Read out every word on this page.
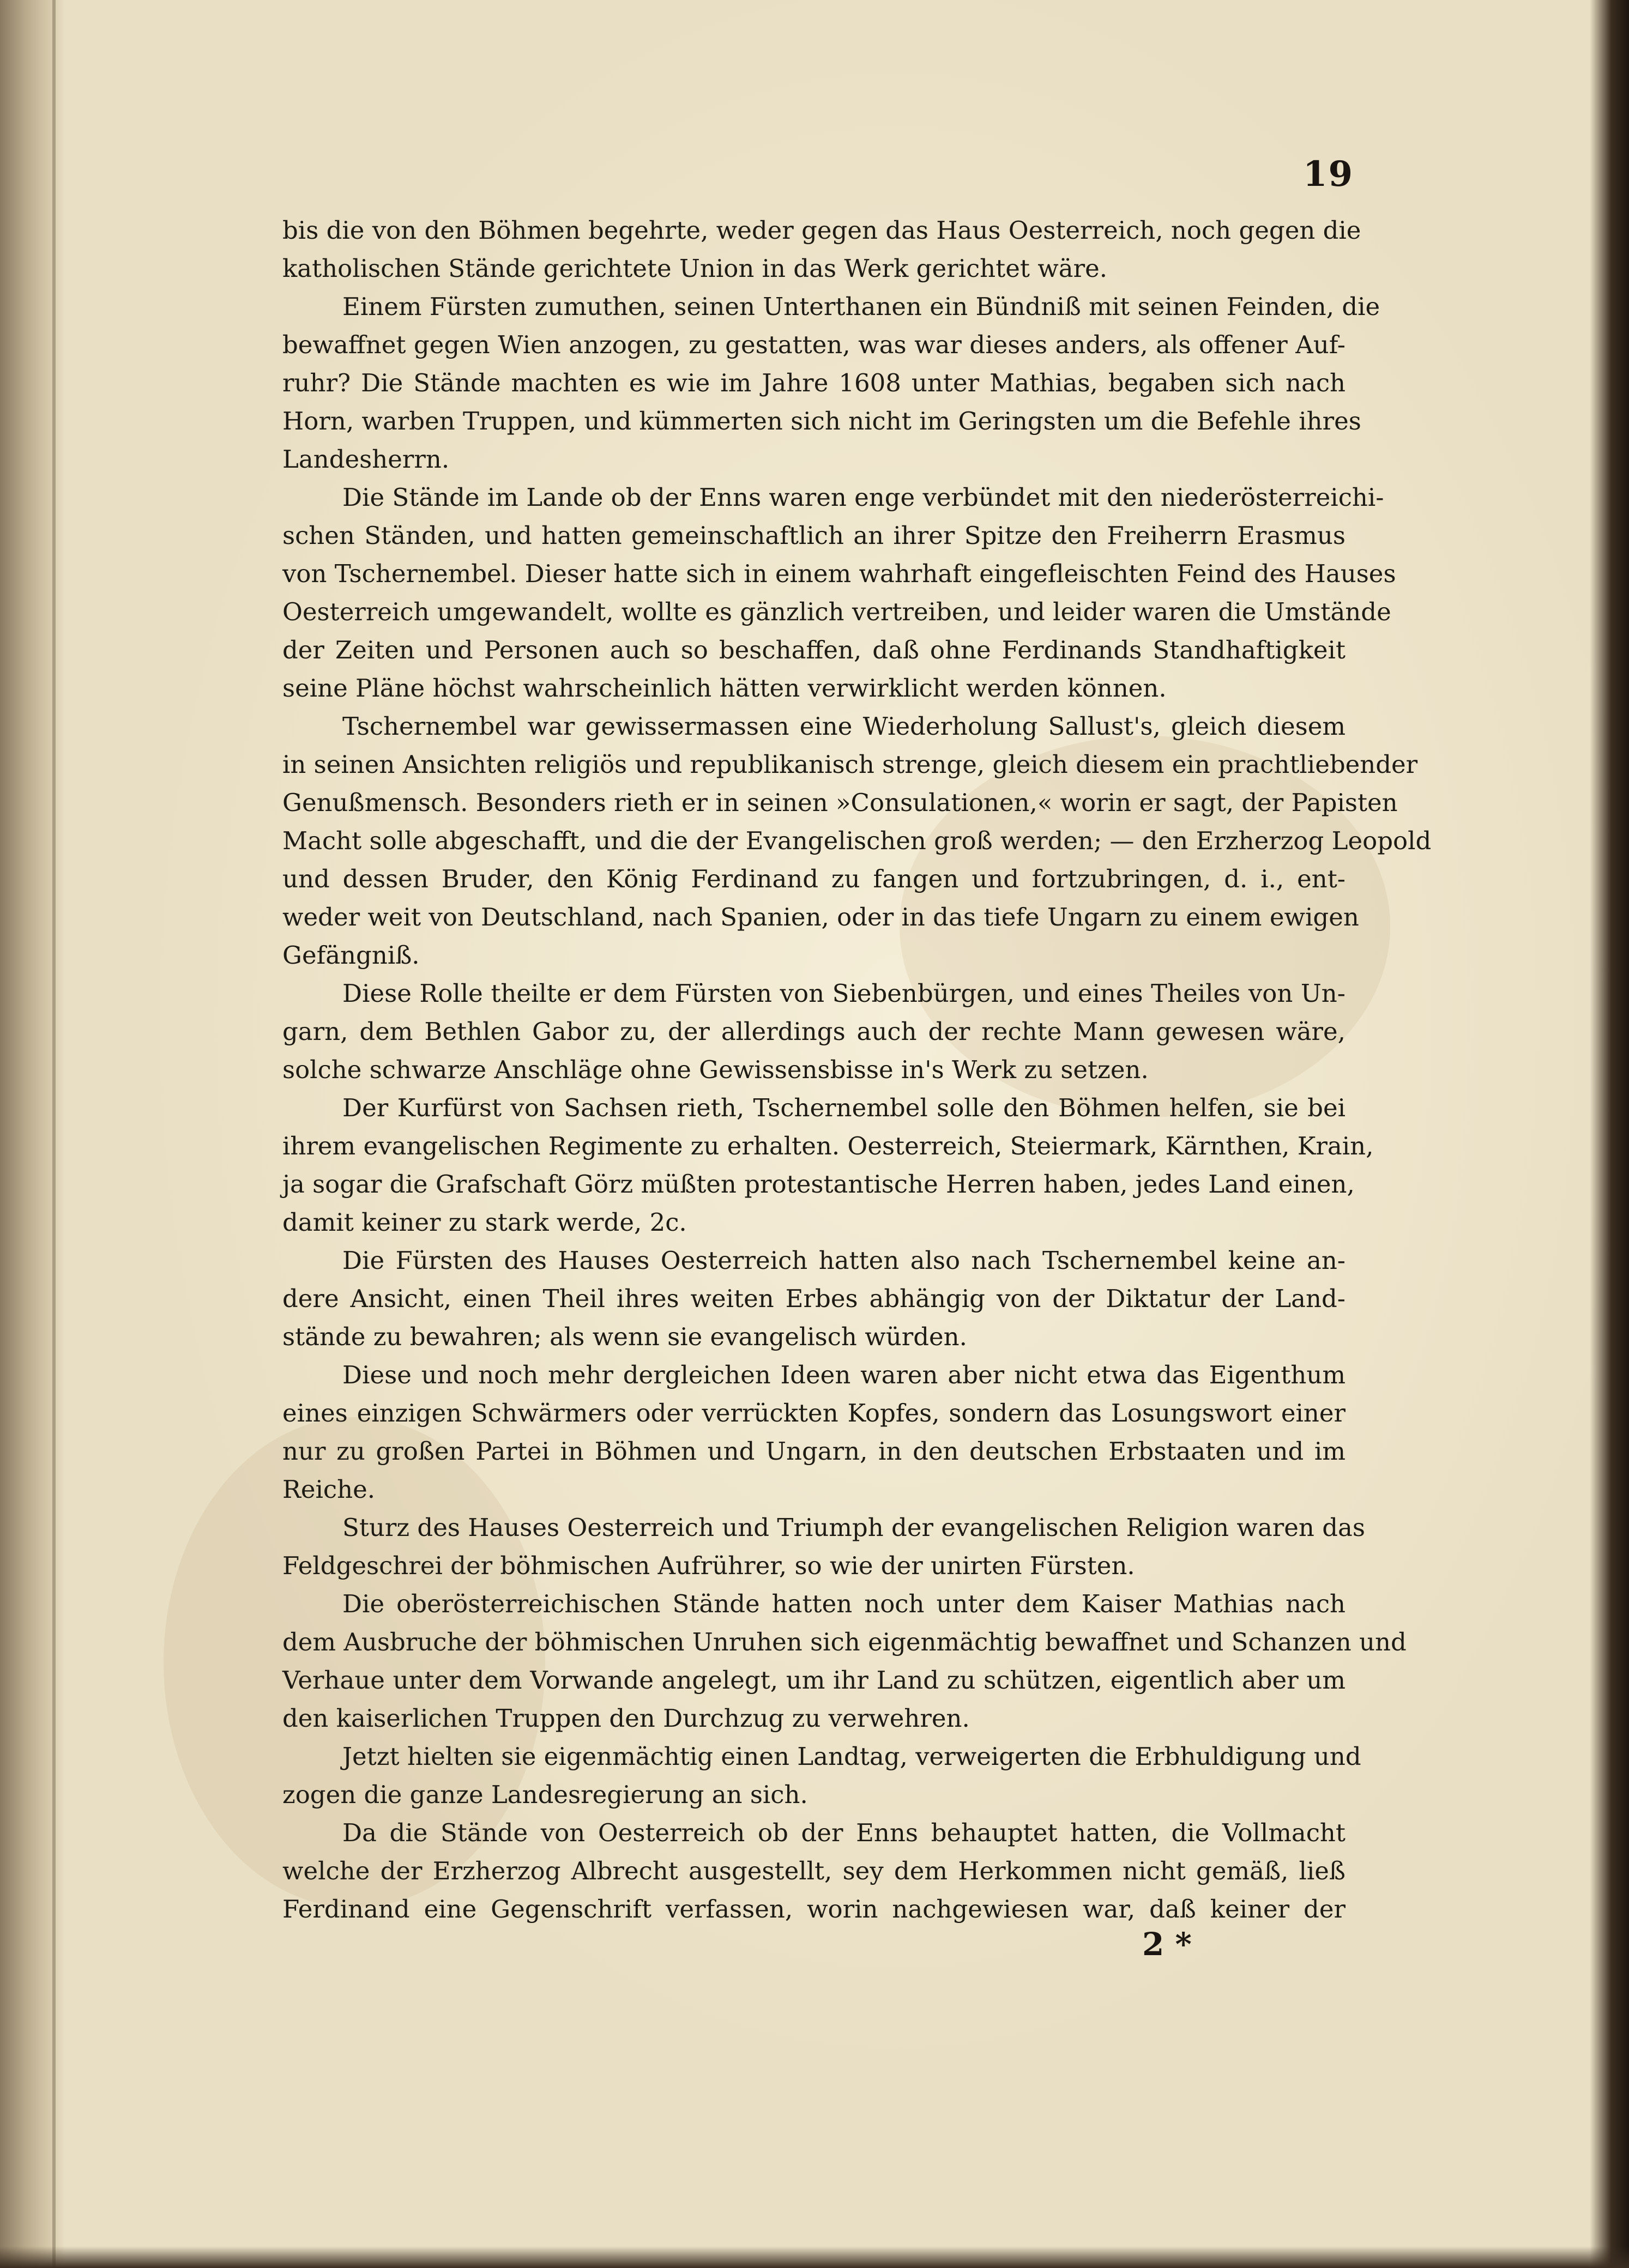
19
bis die von den Böhmen begehrte, weder gegen das Haus Oesterreich, noch gegen die
katholischen Stände gerichtete Union in das Werk gerichtet wäre.
Einem Fürsten zumuthen, seinen Unterthanen ein Bündniß mit seinen Feinden, die
bewaffnet gegen Wien anzogen, zu gestatten, was war dieses anders, als offener Auf-
ruhr? Die Stände machten es wie im Jahre 1608 unter Mathias, begaben sich nach
Horn, warben Truppen, und kümmerten sich nicht im Geringsten um die Befehle ihres
Landesherrn.
Die Stände im Lande ob der Enns waren enge verbündet mit den niederösterreichi-
schen Ständen, und hatten gemeinschaftlich an ihrer Spitze den Freiherrn Erasmus
von Tschernembel. Dieser hatte sich in einem wahrhaft eingefleischten Feind des Hauses
Oesterreich umgewandelt, wollte es gänzlich vertreiben, und leider waren die Umstände
der Zeiten und Personen auch so beschaffen, daß ohne Ferdinands Standhaftigkeit
seine Pläne höchst wahrscheinlich hätten verwirklicht werden können.
Tschernembel war gewissermassen eine Wiederholung Sallust's, gleich diesem
in seinen Ansichten religiös und republikanisch strenge, gleich diesem ein prachtliebender
Genußmensch. Besonders rieth er in seinen »Consulationen,« worin er sagt, der Papisten
Macht solle abgeschafft, und die der Evangelischen groß werden; — den Erzherzog Leopold
und dessen Bruder, den König Ferdinand zu fangen und fortzubringen, d. i., ent-
weder weit von Deutschland, nach Spanien, oder in das tiefe Ungarn zu einem ewigen
Gefängniß.
Diese Rolle theilte er dem Fürsten von Siebenbürgen, und eines Theiles von Un-
garn, dem Bethlen Gabor zu, der allerdings auch der rechte Mann gewesen wäre,
solche schwarze Anschläge ohne Gewissensbisse in's Werk zu setzen.
Der Kurfürst von Sachsen rieth, Tschernembel solle den Böhmen helfen, sie bei
ihrem evangelischen Regimente zu erhalten. Oesterreich, Steiermark, Kärnthen, Krain,
ja sogar die Grafschaft Görz müßten protestantische Herren haben, jedes Land einen,
damit keiner zu stark werde, 2c.
Die Fürsten des Hauses Oesterreich hatten also nach Tschernembel keine an-
dere Ansicht, einen Theil ihres weiten Erbes abhängig von der Diktatur der Land-
stände zu bewahren; als wenn sie evangelisch würden.
Diese und noch mehr dergleichen Ideen waren aber nicht etwa das Eigenthum
eines einzigen Schwärmers oder verrückten Kopfes, sondern das Losungswort einer
nur zu großen Partei in Böhmen und Ungarn, in den deutschen Erbstaaten und im
Reiche.
Sturz des Hauses Oesterreich und Triumph der evangelischen Religion waren das
Feldgeschrei der böhmischen Aufrührer, so wie der unirten Fürsten.
Die oberösterreichischen Stände hatten noch unter dem Kaiser Mathias nach
dem Ausbruche der böhmischen Unruhen sich eigenmächtig bewaffnet und Schanzen und
Verhaue unter dem Vorwande angelegt, um ihr Land zu schützen, eigentlich aber um
den kaiserlichen Truppen den Durchzug zu verwehren.
Jetzt hielten sie eigenmächtig einen Landtag, verweigerten die Erbhuldigung und
zogen die ganze Landesregierung an sich.
Da die Stände von Oesterreich ob der Enns behauptet hatten, die Vollmacht
welche der Erzherzog Albrecht ausgestellt, sey dem Herkommen nicht gemäß, ließ
Ferdinand eine Gegenschrift verfassen, worin nachgewiesen war, daß keiner der
2 *
